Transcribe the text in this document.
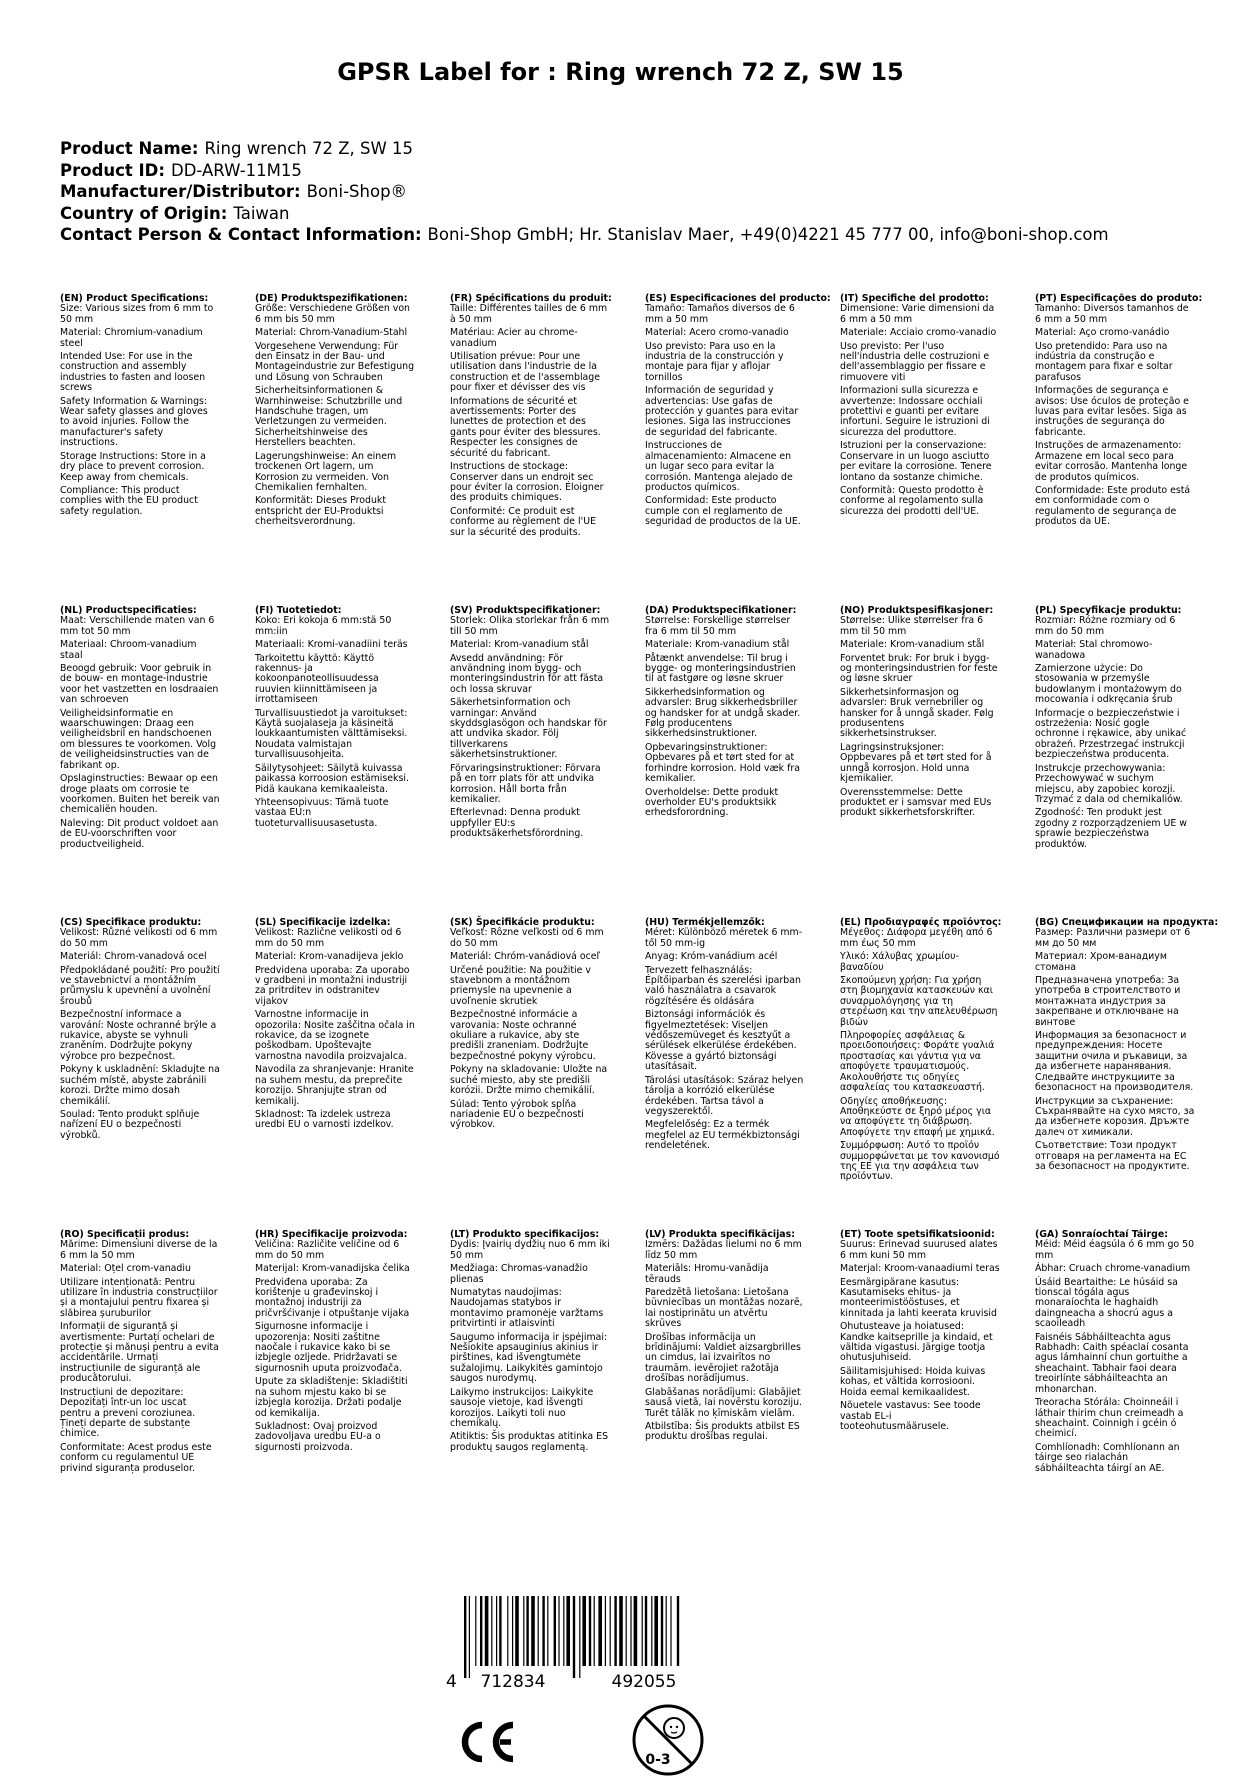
GPSR Label for : Ring wrench 72 Z, SW 15
Product Name: Ring wrench 72 Z, SW 15
Product ID: DD-ARW-11M15
Manufacturer/Distributor: Boni-Shop®
Country of Origin: Taiwan
Contact Person & Contact Information: Boni-Shop GmbH; Hr. Stanislav Maer, +49(0)4221 45 777 00, info@boni-shop.com
(EN) Product Specifications:
Size: Various sizes from 6 mm to 50 mm
Material: Chromium-vanadium steel
Intended Use: For use in the construction and assembly industries to fasten and loosen screws
Safety Information & Warnings: Wear safety glasses and gloves to avoid injuries. Follow the manufacturer's safety instructions.
Storage Instructions: Store in a dry place to prevent corrosion. Keep away from chemicals.
Compliance: This product complies with the EU product safety regulation.
(DE) Produktspezifikationen:
Größe: Verschiedene Größen von 6 mm bis 50 mm
Material: Chrom-Vanadium-Stahl
Vorgesehene Verwendung: Für den Einsatz in der Bau- und Montageindustrie zur Befestigung und Lösung von Schrauben
Sicherheitsinformationen & Warnhinweise: Schutzbrille und Handschuhe tragen, um Verletzungen zu vermeiden. Sicherheitshinweise des Herstellers beachten.
Lagerungshinweise: An einem trockenen Ort lagern, um Korrosion zu vermeiden. Von Chemikalien fernhalten.
Konformität: Dieses Produkt entspricht der EU-Produktsi cherheitsverordnung.
(FR) Spécifications du produit:
Taille: Différentes tailles de 6 mm à 50 mm
Matériau: Acier au chrome-vanadium
Utilisation prévue: Pour une utilisation dans l'industrie de la construction et de l'assemblage pour fixer et dévisser des vis
Informations de sécurité et avertissements: Porter des lunettes de protection et des gants pour éviter des blessures. Respecter les consignes de sécurité du fabricant.
Instructions de stockage: Conserver dans un endroit sec pour éviter la corrosion. Éloigner des produits chimiques.
Conformité: Ce produit est conforme au règlement de l'UE sur la sécurité des produits.
(ES) Especificaciones del producto:
Tamaño: Tamaños diversos de 6 mm a 50 mm
Material: Acero cromo-vanadio
Uso previsto: Para uso en la industria de la construcción y montaje para fijar y aflojar tornillos
Información de seguridad y advertencias: Use gafas de protección y guantes para evitar lesiones. Siga las instrucciones de seguridad del fabricante.
Instrucciones de almacenamiento: Almacene en un lugar seco para evitar la corrosión. Mantenga alejado de productos químicos.
Conformidad: Este producto cumple con el reglamento de seguridad de productos de la UE.
(IT) Specifiche del prodotto:
Dimensione: Varie dimensioni da 6 mm a 50 mm
Materiale: Acciaio cromo-vanadio
Uso previsto: Per l'uso nell'industria delle costruzioni e dell'assemblaggio per fissare e rimuovere viti
Informazioni sulla sicurezza e avvertenze: Indossare occhiali protettivi e guanti per evitare infortuni. Seguire le istruzioni di sicurezza del produttore.
Istruzioni per la conservazione: Conservare in un luogo asciutto per evitare la corrosione. Tenere lontano da sostanze chimiche.
Conformità: Questo prodotto è conforme al regolamento sulla sicurezza dei prodotti dell'UE.
(PT) Especificações do produto:
Tamanho: Diversos tamanhos de 6 mm a 50 mm
Material: Aço cromo-vanádio
Uso pretendido: Para uso na indústria da construção e montagem para fixar e soltar parafusos
Informações de segurança e avisos: Use óculos de proteção e luvas para evitar lesões. Siga as instruções de segurança do fabricante.
Instruções de armazenamento: Armazene em local seco para evitar corrosão. Mantenha longe de produtos químicos.
Conformidade: Este produto está em conformidade com o regulamento de segurança de produtos da UE.
(NL) Productspecificaties:
Maat: Verschillende maten van 6 mm tot 50 mm
Materiaal: Chroom-vanadium staal
Beoogd gebruik: Voor gebruik in de bouw- en montage-industrie voor het vastzetten en losdraaien van schroeven
Veiligheidsinformatie en waarschuwingen: Draag een veiligheidsbril en handschoenen om blessures te voorkomen. Volg de veiligheidsinstructies van de fabrikant op.
Opslaginstructies: Bewaar op een droge plaats om corrosie te voorkomen. Buiten het bereik van chemicaliën houden.
Naleving: Dit product voldoet aan de EU-voorschriften voor productveiligheid.
(FI) Tuotetiedot:
Koko: Eri kokoja 6 mm:stä 50 mm:iin
Materiaali: Kromi-vanadiini teräs
Tarkoitettu käyttö: Käyttö rakennus- ja kokoonpanoteollisuudessa ruuvien kiinnittämiseen ja irrottamiseen
Turvallisuustiedot ja varoitukset: Käytä suojalaseja ja käsineitä loukkaantumisten välttämiseksi. Noudata valmistajan turvallisuusohjeita.
Säilytysohjeet: Säilytä kuivassa paikassa korroosion estämiseksi. Pidä kaukana kemikaaleista.
Yhteensopivuus: Tämä tuote vastaa EU:n tuoteturvallisuusasetusta.
(SV) Produktspecifikationer:
Storlek: Olika storlekar från 6 mm till 50 mm
Material: Krom-vanadium stål
Avsedd användning: För användning inom bygg- och monteringsindustrin för att fästa och lossa skruvar
Säkerhetsinformation och varningar: Använd skyddsglasögon och handskar för att undvika skador. Följ tillverkarens säkerhetsinstruktioner.
Förvaringsinstruktioner: Förvara på en torr plats för att undvika korrosion. Håll borta från kemikalier.
Efterlevnad: Denna produkt uppfyller EU:s produktsäkerhetsförordning.
(DA) Produktspecifikationer:
Størrelse: Forskellige størrelser fra 6 mm til 50 mm
Materiale: Krom-vanadium stål
Påtænkt anvendelse: Til brug i bygge- og monteringsindustrien til at fastgøre og løsne skruer
Sikkerhedsinformation og advarsler: Brug sikkerhedsbriller og handsker for at undgå skader. Følg producentens sikkerhedsinstruktioner.
Opbevaringsinstruktioner: Opbevares på et tørt sted for at forhindre korrosion. Hold væk fra kemikalier.
Overholdelse: Dette produkt overholder EU's produktsikk erhedsforordning.
(NO) Produktspesifikasjoner:
Størrelse: Ulike størrelser fra 6 mm til 50 mm
Materiale: Krom-vanadium stål
Forventet bruk: For bruk i bygg- og monteringsindustrien for feste og løsne skruer
Sikkerhetsinformasjon og advarsler: Bruk vernebriller og hansker for å unngå skader. Følg produsentens sikkerhetsinstrukser.
Lagringsinstruksjoner: Oppbevares på et tørt sted for å unngå korrosjon. Hold unna kjemikalier.
Overensstemmelse: Dette produktet er i samsvar med EUs produkt sikkerhetsforskrifter.
(PL) Specyfikacje produktu:
Rozmiar: Różne rozmiary od 6 mm do 50 mm
Materiał: Stal chromowo-wanadowa
Zamierzone użycie: Do stosowania w przemyśle budowlanym i montażowym do mocowania i odkręcania śrub
Informacje o bezpieczeństwie i ostrzeżenia: Nosić gogle ochronne i rękawice, aby unikać obrażeń. Przestrzegać instrukcji bezpieczeństwa producenta.
Instrukcje przechowywania: Przechowywać w suchym miejscu, aby zapobiec korozji. Trzymać z dala od chemikaliów.
Zgodność: Ten produkt jest zgodny z rozporządzeniem UE w sprawie bezpieczeństwa produktów.
(CS) Specifikace produktu:
Velikost: Různé velikosti od 6 mm do 50 mm
Materiál: Chrom-vanadová ocel
Předpokládané použití: Pro použití ve stavebnictví a montážním průmyslu k upevnění a uvolnění šroubů
Bezpečnostní informace a varování: Noste ochranné brýle a rukavice, abyste se vyhnuli zraněním. Dodržujte pokyny výrobce pro bezpečnost.
Pokyny k uskladnění: Skladujte na suchém místě, abyste zabránili korozi. Držte mimo dosah chemikálií.
Soulad: Tento produkt splňuje nařízení EU o bezpečnosti výrobků.
(SL) Specifikacije izdelka:
Velikost: Različne velikosti od 6 mm do 50 mm
Material: Krom-vanadijeva jeklo
Predvidena uporaba: Za uporabo v gradbeni in montažni industriji za pritrditev in odstranitev vijakov
Varnostne informacije in opozorila: Nosite zaščitna očala in rokavice, da se izognete poškodbam. Upoštevajte varnostna navodila proizvajalca.
Navodila za shranjevanje: Hranite na suhem mestu, da preprečite korozijo. Shranjujte stran od kemikalij.
Skladnost: Ta izdelek ustreza uredbi EU o varnosti izdelkov.
(SK) Špecifikácie produktu:
Veľkosť: Rôzne veľkosti od 6 mm do 50 mm
Materiál: Chróm-vanádiová oceľ
Určené použitie: Na použitie v stavebnom a montážnom priemysle na upevnenie a uvoľnenie skrutiek
Bezpečnostné informácie a varovania: Noste ochranné okuliare a rukavice, aby ste predišli zraneniam. Dodržujte bezpečnostné pokyny výrobcu.
Pokyny na skladovanie: Uložte na suché miesto, aby ste predišli korózii. Držte mimo chemikálií.
Súlad: Tento výrobok spĺňa nariadenie EÚ o bezpečnosti výrobkov.
(HU) Termékjellemzők:
Méret: Különböző méretek 6 mm-től 50 mm-ig
Anyag: Króm-vanádium acél
Tervezett felhasználás: Építőiparban és szerelési iparban való használatra a csavarok rögzítésére és oldására
Biztonsági információk és figyelmeztetések: Viseljen védőszemüveget és kesztyűt a sérülések elkerülése érdekében. Kövesse a gyártó biztonsági utasításait.
Tárolási utasítások: Száraz helyen tárolja a korrózió elkerülése érdekében. Tartsa távol a vegyszerektől.
Megfelelőség: Ez a termék megfelel az EU termékbiztonsági rendeletének.
(EL) Προδιαγραφές προϊόντος:
Μέγεθος: Διάφορα μεγέθη από 6 mm έως 50 mm
Υλικό: Χάλυβας χρωμίου-βαναδίου
Σκοπούμενη χρήση: Για χρήση στη βιομηχανία κατασκευών και συναρμολόγησης για τη στερέωση και την απελευθέρωση βιδών
Πληροφορίες ασφάλειας & προειδοποιήσεις: Φοράτε γυαλιά προστασίας και γάντια για να αποφύγετε τραυματισμούς. Ακολουθήστε τις οδηγίες ασφαλείας του κατασκευαστή.
Οδηγίες αποθήκευσης: Αποθηκεύστε σε ξηρό μέρος για να αποφύγετε τη διάβρωση. Αποφύγετε την επαφή με χημικά.
Συμμόρφωση: Αυτό το προϊόν συμμορφώνεται με τον κανονισμό της ΕΕ για την ασφάλεια των προϊόντων.
(BG) Спецификации на продукта:
Размер: Различни размери от 6 мм до 50 мм
Материал: Хром-ванадиум стомана
Предназначена употреба: За употреба в строителството и монтажната индустрия за закрепване и отключване на винтове
Информация за безопасност и предупреждения: Носете защитни очила и ръкавици, за да избегнете наранявания. Следвайте инструкциите за безопасност на производителя.
Инструкции за съхранение: Съхранявайте на сухо място, за да избегнете корозия. Дръжте далеч от химикали.
Съответствие: Този продукт отговаря на регламента на ЕС за безопасност на продуктите.
(RO) Specificații produs:
Mărime: Dimensiuni diverse de la 6 mm la 50 mm
Material: Oțel crom-vanadiu
Utilizare intenționată: Pentru utilizare în industria construcțiilor și a montajului pentru fixarea și slăbirea șuruburilor
Informații de siguranță și avertismente: Purtați ochelari de protecție și mănuși pentru a evita accidentările. Urmați instrucțiunile de siguranță ale producătorului.
Instrucțiuni de depozitare: Depozitați într-un loc uscat pentru a preveni coroziunea. Țineți departe de substanțe chimice.
Conformitate: Acest produs este conform cu regulamentul UE privind siguranța produselor.
(HR) Specifikacije proizvoda:
Veličina: Različite veličine od 6 mm do 50 mm
Materijal: Krom-vanadijska čelika
Predviđena uporaba: Za korištenje u građevinskoj i montažnoj industriji za pričvršćivanje i otpuštanje vijaka
Sigurnosne informacije i upozorenja: Nositi zaštitne naočale i rukavice kako bi se izbjegle ozljede. Pridržavati se sigurnosnih uputa proizvođača.
Upute za skladištenje: Skladištiti na suhom mjestu kako bi se izbjegla korozija. Držati podalje od kemikalija.
Sukladnost: Ovaj proizvod zadovoljava uredbu EU-a o sigurnosti proizvoda.
(LT) Produkto specifikacijos:
Dydis: Įvairių dydžių nuo 6 mm iki 50 mm
Medžiaga: Chromas-vanadžio plienas
Numatytas naudojimas: Naudojamas statybos ir montavimo pramonėje varžtams pritvirtinti ir atlaisvinti
Saugumo informacija ir įspėjimai: Nešiokite apsauginius akinius ir pirštines, kad išvengtumėte sužalojimų. Laikykitės gamintojo saugos nurodymų.
Laikymo instrukcijos: Laikykite sausoje vietoje, kad išvengti korozijos. Laikyti toli nuo chemikalų.
Atitiktis: Šis produktas atitinka ES produktų saugos reglamentą.
(LV) Produkta specifikācijas:
Izmērs: Dažādas lielumi no 6 mm līdz 50 mm
Materiāls: Hromu-vanādija tērauds
Paredzētā lietošana: Lietošana būvniecības un montāžas nozarē, lai nostiprinātu un atvērtu skrūves
Drošības informācija un brīdinājumi: Valdiet aizsargbrilles un cimdus, lai izvairītos no traumām. ievērojiet ražotāja drošības norādījumus.
Glabāšanas norādījumi: Glabājiet sausā vietā, lai novērstu koroziju. Turēt tālāk no ķīmiskām vielām.
Atbilstība: Šis produkts atbilst ES produktu drošības regulai.
(ET) Toote spetsifikatsioonid:
Suurus: Erinevad suurused alates 6 mm kuni 50 mm
Materjal: Kroom-vanaadiumi teras
Eesmärgipärane kasutus: Kasutamiseks ehitus- ja monteerimistööstuses, et kinnitada ja lahti keerata kruvisid
Ohutusteave ja hoiatused: Kandke kaitseprille ja kindaid, et vältida vigastusi. Järgige tootja ohutusjuhiseid.
Säilitamisjuhised: Hoida kuivas kohas, et vältida korrosiooni. Hoida eemal kemikaalidest.
Nõuetele vastavus: See toode vastab EL-i tooteohutusmäärusele.
(GA) Sonraíochtaí Táirge:
Méid: Méid éagsúla ó 6 mm go 50 mm
Ábhar: Cruach chrome-vanadium
Úsáid Beartaithe: Le húsáid sa tionscal tógála agus monaraíochta le haghaidh daingneacha a shocrú agus a scaoileadh
Faisnéis Sábháilteachta agus Rabhadh: Caith spéaclaí cosanta agus lámhainní chun gortuithe a sheachaint. Tabhair faoi deara treoirlínte sábháilteachta an mhonarchan.
Treoracha Stórála: Choinneáil i láthair thirim chun creimeadh a sheachaint. Coinnigh i gcéin ó cheimicí.
Comhlíonadh: Comhlíonann an táirge seo rialachán sábháilteachta táirgí an AE.
4 712834	492055
0-3
